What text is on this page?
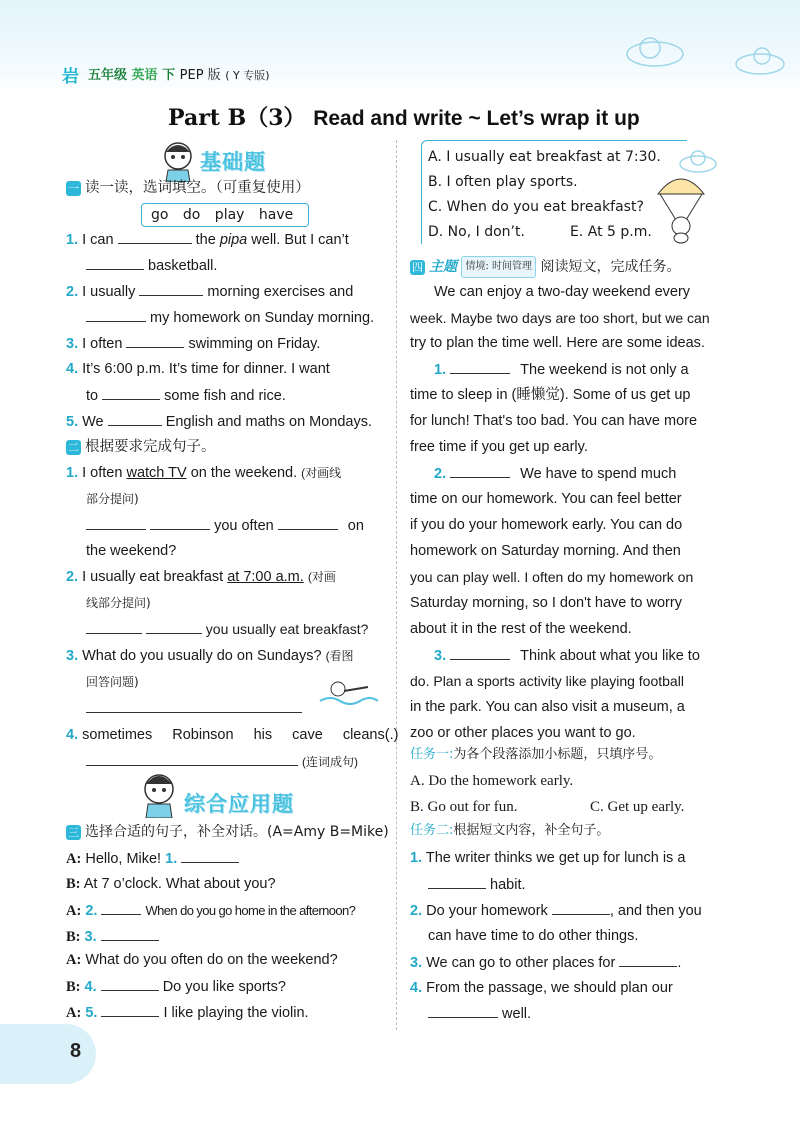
岩 五年级 英语 下 PEP 版 ( Y 专版)
Part B（3） Read and write ~ Let’s wrap it up
基础题
一 读一读，选词填空。（可重复使用）
go do play have
1. I can	the pipa well. But I can’t
basketball.
2. I usually	morning exercises and
my homework on Sunday morning.
3. I often	swimming on Friday.
4. It’s 6:00 p.m. It’s time for dinner. I want
to	some fish and rice.
5. We	English and maths on Mondays.
二 根据要求完成句子。
1. I often watch TV on the weekend. (对画线
部分提问)
you often	on
the weekend?
2. I usually eat breakfast at 7:00 a.m. (对画
线部分提问)
you usually eat breakfast?
3. What do you usually do on Sundays? (看图
回答问题)
4. sometimes Robinson his cave cleans(.)
(连词成句)
综合应用题
三 选择合适的句子，补全对话。(A=Amy B=Mike)
A: Hello, Mike! 1.
B: At 7 o’clock. What about you?
A: 2.	When do you go home in the afternoon?
B: 3.
A: What do you often do on the weekend?
B: 4.	Do you like sports?
A: 5.	I like playing the violin.
A. I usually eat breakfast at 7:30.
B. I often play sports.
C. When do you eat breakfast?
D. No, I don’t.	E. At 5 p.m.
四 主题 情境: 时间管理 阅读短文，完成任务。
We can enjoy a two-day weekend every
week. Maybe two days are too short, but we can
try to plan the time well. Here are some ideas.
1.	The weekend is not only a
time to sleep in (睡懒觉). Some of us get up
for lunch! That's too bad. You can have more
free time if you get up early.
2.	We have to spend much
time on our homework. You can feel better
if you do your homework early. You can do
homework on Saturday morning. And then
you can play well. I often do my homework on
Saturday morning, so I don't have to worry
about it in the rest of the weekend.
3.	Think about what you like to
do. Plan a sports activity like playing football
in the park. You can also visit a museum, a
zoo or other places you want to go.
任务一:为各个段落添加小标题，只填序号。
A. Do the homework early.
B. Go out for fun.	C. Get up early.
任务二:根据短文内容，补全句子。
1. The writer thinks we get up for lunch is a
habit.
2. Do your homework	, and then you
can have time to do other things.
3. We can go to other places for	.
4. From the passage, we should plan our
well.
8
